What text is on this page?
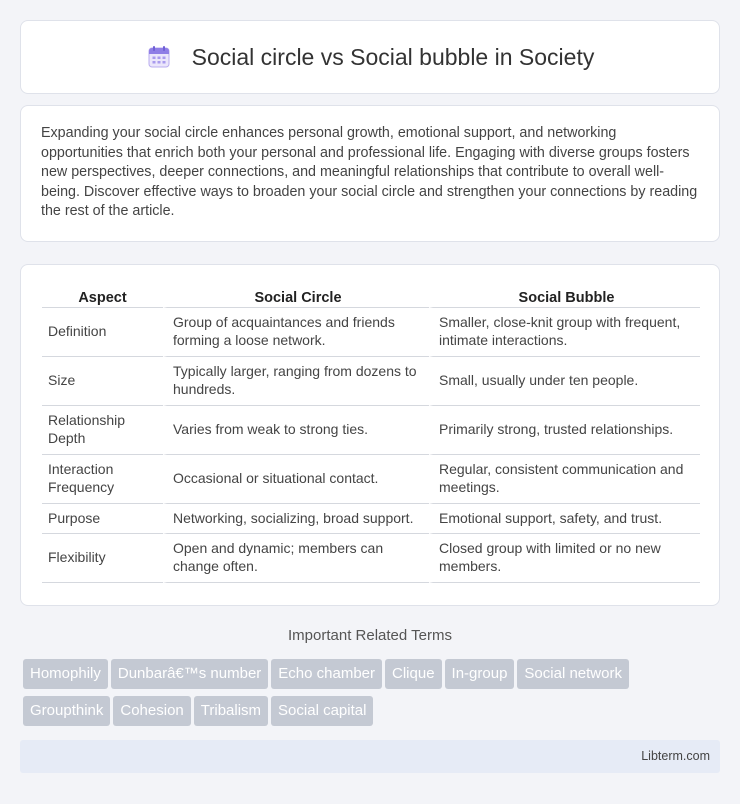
Social circle vs Social bubble in Society

Expanding your social circle enhances personal growth, emotional support, and networking opportunities that enrich both your personal and professional life. Engaging with diverse groups fosters new perspectives, deeper connections, and meaningful relationships that contribute to overall well-being. Discover effective ways to broaden your social circle and strengthen your connections by reading the rest of the article.

Aspect	Social Circle	Social Bubble
Definition	Group of acquaintances and friends forming a loose network.	Smaller, close-knit group with frequent, intimate interactions.
Size	Typically larger, ranging from dozens to hundreds.	Small, usually under ten people.
Relationship Depth	Varies from weak to strong ties.	Primarily strong, trusted relationships.
Interaction Frequency	Occasional or situational contact.	Regular, consistent communication and meetings.
Purpose	Networking, socializing, broad support.	Emotional support, safety, and trust.
Flexibility	Open and dynamic; members can change often.	Closed group with limited or no new members.
Important Related Terms
Homophily Dunbarâ€™s number Echo chamber Clique In-group Social network
Groupthink Cohesion Tribalism Social capital
Libterm.com
